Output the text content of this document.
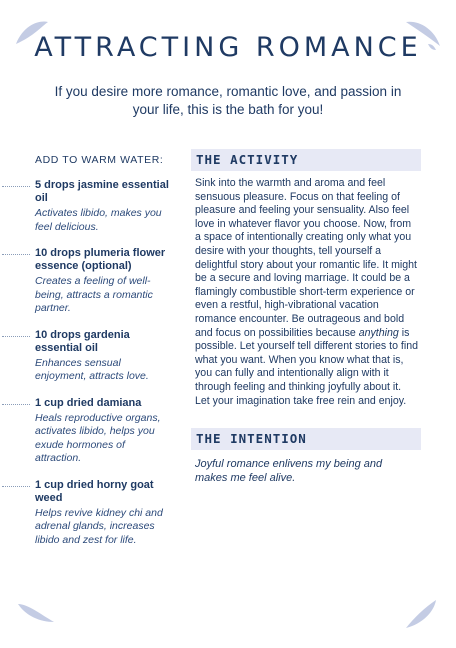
ATTRACTING ROMANCE
If you desire more romance, romantic love, and passion in your life, this is the bath for you!
ADD TO WARM WATER:
5 drops jasmine essential oil
Activates libido, makes you feel delicious.
10 drops plumeria flower essence (optional)
Creates a feeling of well-being, attracts a romantic partner.
10 drops gardenia essential oil
Enhances sensual enjoyment, attracts love.
1 cup dried damiana
Heals reproductive organs, activates libido, helps you exude hormones of attraction.
1 cup dried horny goat weed
Helps revive kidney chi and adrenal glands, increases libido and zest for life.
THE ACTIVITY
Sink into the warmth and aroma and feel sensuous pleasure. Focus on that feeling of pleasure and feeling your sensuality. Also feel love in whatever flavor you choose. Now, from a space of intentionally creating only what you desire with your thoughts, tell yourself a delightful story about your romantic life. It might be a secure and loving marriage. It could be a flamingly combustible short-term experience or even a restful, high-vibrational vacation romance encounter. Be outrageous and bold and focus on possibilities because anything is possible. Let yourself tell different stories to find what you want. When you know what that is, you can fully and intentionally align with it through feeling and thinking joyfully about it. Let your imagination take free rein and enjoy.
THE INTENTION
Joyful romance enlivens my being and makes me feel alive.
